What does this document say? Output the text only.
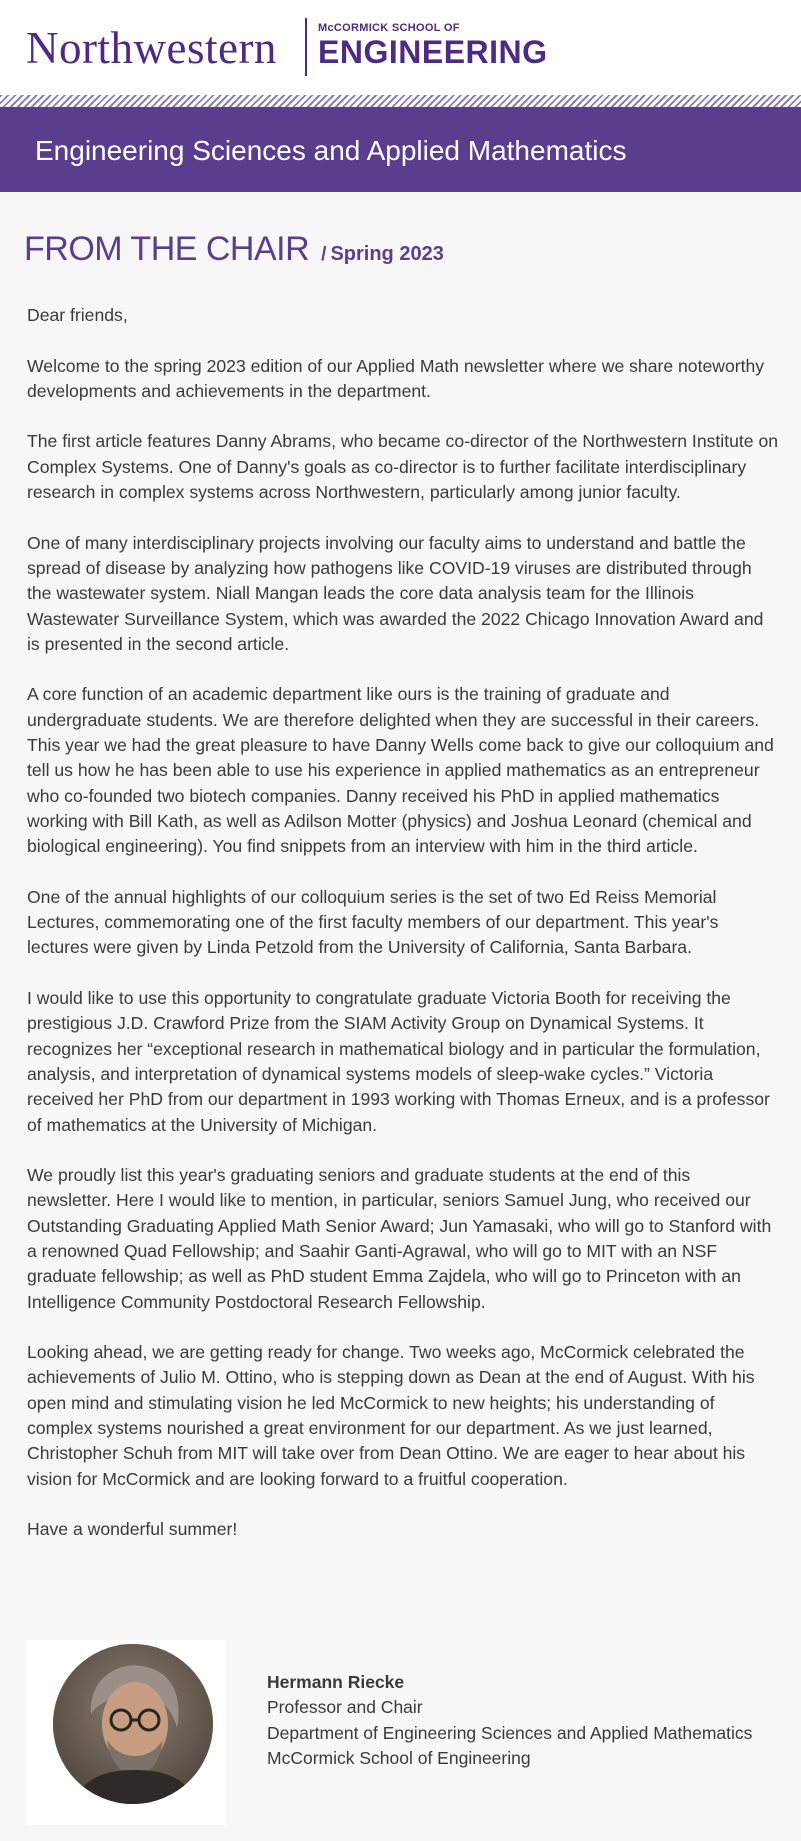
Northwestern	McCORMICK SCHOOL OF
ENGINEERING
Engineering Sciences and Applied Mathematics
FROM THE CHAIR / Spring 2023

Dear friends,

Welcome to the spring 2023 edition of our Applied Math newsletter where we share noteworthy developments and achievements in the department.

The first article features Danny Abrams, who became co-director of the Northwestern Institute on Complex Systems. One of Danny's goals as co-director is to further facilitate interdisciplinary research in complex systems across Northwestern, particularly among junior faculty.

One of many interdisciplinary projects involving our faculty aims to understand and battle the spread of disease by analyzing how pathogens like COVID-19 viruses are distributed through the wastewater system. Niall Mangan leads the core data analysis team for the Illinois Wastewater Surveillance System, which was awarded the 2022 Chicago Innovation Award and is presented in the second article.

A core function of an academic department like ours is the training of graduate and undergraduate students. We are therefore delighted when they are successful in their careers. This year we had the great pleasure to have Danny Wells come back to give our colloquium and tell us how he has been able to use his experience in applied mathematics as an entrepreneur who co-founded two biotech companies. Danny received his PhD in applied mathematics working with Bill Kath, as well as Adilson Motter (physics) and Joshua Leonard (chemical and biological engineering). You find snippets from an interview with him in the third article.

One of the annual highlights of our colloquium series is the set of two Ed Reiss Memorial Lectures, commemorating one of the first faculty members of our department. This year's lectures were given by Linda Petzold from the University of California, Santa Barbara.

I would like to use this opportunity to congratulate graduate Victoria Booth for receiving the prestigious J.D. Crawford Prize from the SIAM Activity Group on Dynamical Systems. It recognizes her “exceptional research in mathematical biology and in particular the formulation, analysis, and interpretation of dynamical systems models of sleep-wake cycles.” Victoria received her PhD from our department in 1993 working with Thomas Erneux, and is a professor of mathematics at the University of Michigan.

We proudly list this year's graduating seniors and graduate students at the end of this newsletter. Here I would like to mention, in particular, seniors Samuel Jung, who received our Outstanding Graduating Applied Math Senior Award; Jun Yamasaki, who will go to Stanford with a renowned Quad Fellowship; and Saahir Ganti-Agrawal, who will go to MIT with an NSF graduate fellowship; as well as PhD student Emma Zajdela, who will go to Princeton with an Intelligence Community Postdoctoral Research Fellowship.

Looking ahead, we are getting ready for change. Two weeks ago, McCormick celebrated the achievements of Julio M. Ottino, who is stepping down as Dean at the end of August. With his open mind and stimulating vision he led McCormick to new heights; his understanding of complex systems nourished a great environment for our department. As we just learned, Christopher Schuh from MIT will take over from Dean Ottino. We are eager to hear about his vision for McCormick and are looking forward to a fruitful cooperation.

Have a wonderful summer!

Hermann Riecke
Professor and Chair
Department of Engineering Sciences and Applied Mathematics
McCormick School of Engineering
